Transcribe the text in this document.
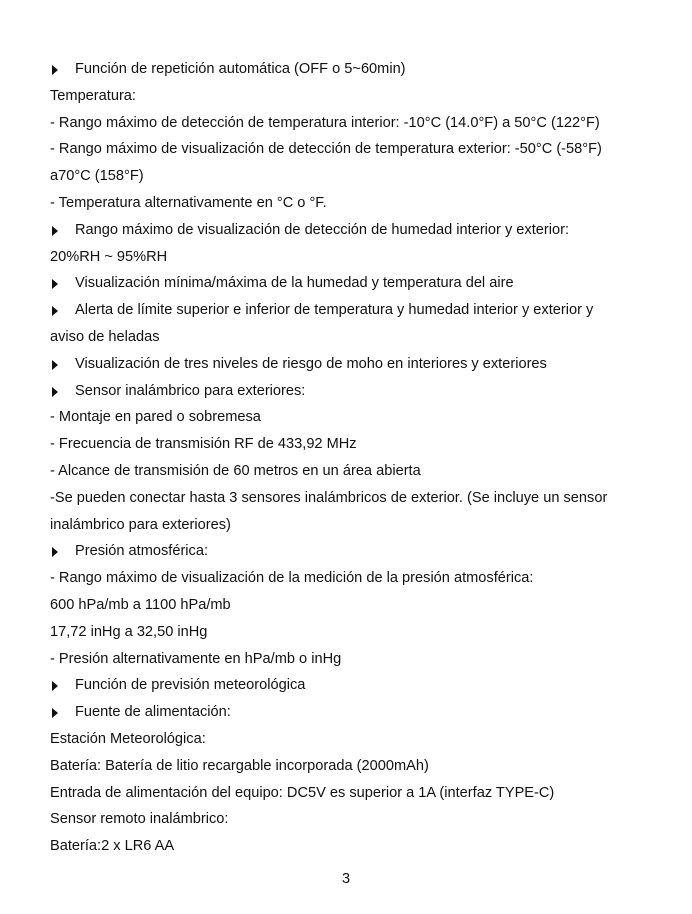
Función de repetición automática (OFF o 5~60min)
Temperatura:
- Rango máximo de detección de temperatura interior: -10°C (14.0°F) a 50°C (122°F)
- Rango máximo de visualización de detección de temperatura exterior: -50°C (-58°F)
a70°C (158°F)
- Temperatura alternativamente en °C o °F.
Rango máximo de visualización de detección de humedad interior y exterior:
20%RH ~ 95%RH
Visualización mínima/máxima de la humedad y temperatura del aire
Alerta de límite superior e inferior de temperatura y humedad interior y exterior y
aviso de heladas
Visualización de tres niveles de riesgo de moho en interiores y exteriores
Sensor inalámbrico para exteriores:
- Montaje en pared o sobremesa
- Frecuencia de transmisión RF de 433,92 MHz
- Alcance de transmisión de 60 metros en un área abierta
-Se pueden conectar hasta 3 sensores inalámbricos de exterior. (Se incluye un sensor
inalámbrico para exteriores)
Presión atmosférica:
- Rango máximo de visualización de la medición de la presión atmosférica:
600 hPa/mb a 1100 hPa/mb
17,72 inHg a 32,50 inHg
- Presión alternativamente en hPa/mb o inHg
Función de previsión meteorológica
Fuente de alimentación:
Estación Meteorológica:
Batería: Batería de litio recargable incorporada (2000mAh)
Entrada de alimentación del equipo: DC5V es superior a 1A (interfaz TYPE-C)
Sensor remoto inalámbrico:
Batería:2 x LR6 AA
3
